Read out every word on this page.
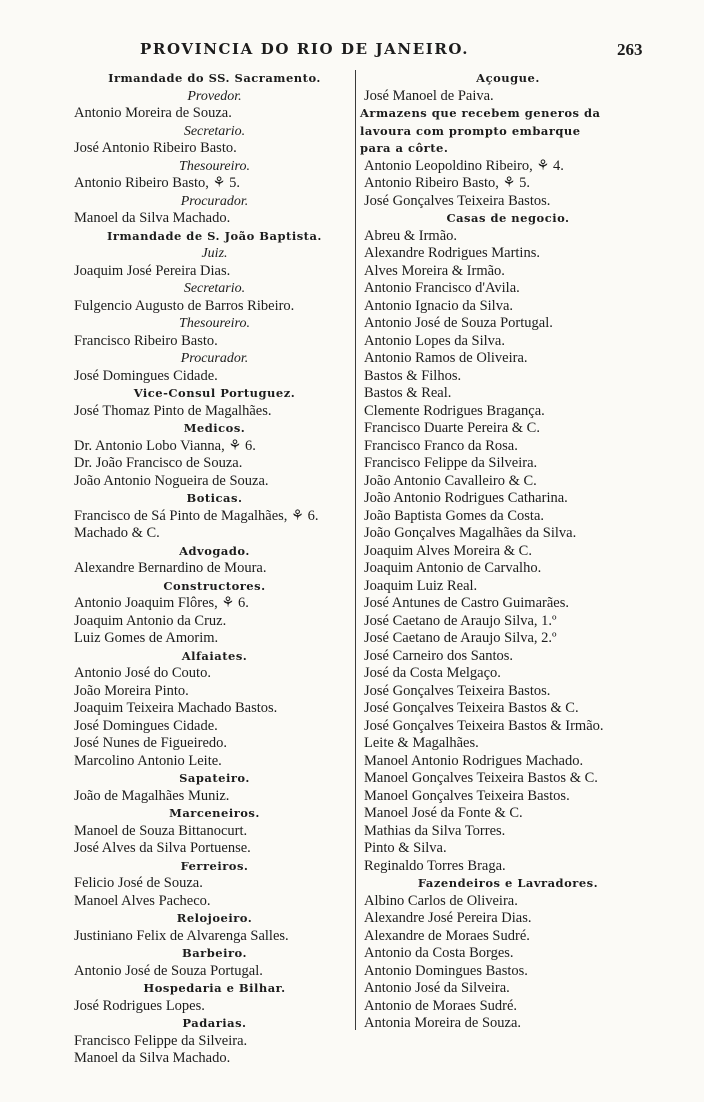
PROVINCIA DO RIO DE JANEIRO.	263
Irmandade do SS. Sacramento.
Provedor.
Antonio Moreira de Souza.
Secretario.
José Antonio Ribeiro Basto.
Thesoureiro.
Antonio Ribeiro Basto, ⚘ 5.
Procurador.
Manoel da Silva Machado.
Irmandade de S. João Baptista.
Juiz.
Joaquim José Pereira Dias.
Secretario.
Fulgencio Augusto de Barros Ribeiro.
Thesoureiro.
Francisco Ribeiro Basto.
Procurador.
José Domingues Cidade.
Vice-Consul Portuguez.
José Thomaz Pinto de Magalhães.
Medicos.
Dr. Antonio Lobo Vianna, ⚘ 6.
Dr. João Francisco de Souza.
João Antonio Nogueira de Souza.
Boticas.
Francisco de Sá Pinto de Magalhães, ⚘ 6.
Machado & C.
Advogado.
Alexandre Bernardino de Moura.
Constructores.
Antonio Joaquim Flôres, ⚘ 6.
Joaquim Antonio da Cruz.
Luiz Gomes de Amorim.
Alfaiates.
Antonio José do Couto.
João Moreira Pinto.
Joaquim Teixeira Machado Bastos.
José Domingues Cidade.
José Nunes de Figueiredo.
Marcolino Antonio Leite.
Sapateiro.
João de Magalhães Muniz.
Marceneiros.
Manoel de Souza Bittanocurt.
José Alves da Silva Portuense.
Ferreiros.
Felicio José de Souza.
Manoel Alves Pacheco.
Relojoeiro.
Justiniano Felix de Alvarenga Salles.
Barbeiro.
Antonio José de Souza Portugal.
Hospedaria e Bilhar.
José Rodrigues Lopes.
Padarias.
Francisco Felippe da Silveira.
Manoel da Silva Machado.
Açougue.
José Manoel de Paiva.
Armazens que recebem generos da
lavoura com prompto embarque
para a côrte.
Antonio Leopoldino Ribeiro, ⚘ 4.
Antonio Ribeiro Basto, ⚘ 5.
José Gonçalves Teixeira Bastos.
Casas de negocio.
Abreu & Irmão.
Alexandre Rodrigues Martins.
Alves Moreira & Irmão.
Antonio Francisco d'Avila.
Antonio Ignacio da Silva.
Antonio José de Souza Portugal.
Antonio Lopes da Silva.
Antonio Ramos de Oliveira.
Bastos & Filhos.
Bastos & Real.
Clemente Rodrigues Bragança.
Francisco Duarte Pereira & C.
Francisco Franco da Rosa.
Francisco Felippe da Silveira.
João Antonio Cavalleiro & C.
João Antonio Rodrigues Catharina.
João Baptista Gomes da Costa.
João Gonçalves Magalhães da Silva.
Joaquim Alves Moreira & C.
Joaquim Antonio de Carvalho.
Joaquim Luiz Real.
José Antunes de Castro Guimarães.
José Caetano de Araujo Silva, 1.º
José Caetano de Araujo Silva, 2.º
José Carneiro dos Santos.
José da Costa Melgaço.
José Gonçalves Teixeira Bastos.
José Gonçalves Teixeira Bastos & C.
José Gonçalves Teixeira Bastos & Irmão.
Leite & Magalhães.
Manoel Antonio Rodrigues Machado.
Manoel Gonçalves Teixeira Bastos & C.
Manoel Gonçalves Teixeira Bastos.
Manoel José da Fonte & C.
Mathias da Silva Torres.
Pinto & Silva.
Reginaldo Torres Braga.
Fazendeiros e Lavradores.
Albino Carlos de Oliveira.
Alexandre José Pereira Dias.
Alexandre de Moraes Sudré.
Antonio da Costa Borges.
Antonio Domingues Bastos.
Antonio José da Silveira.
Antonio de Moraes Sudré.
Antonia Moreira de Souza.
